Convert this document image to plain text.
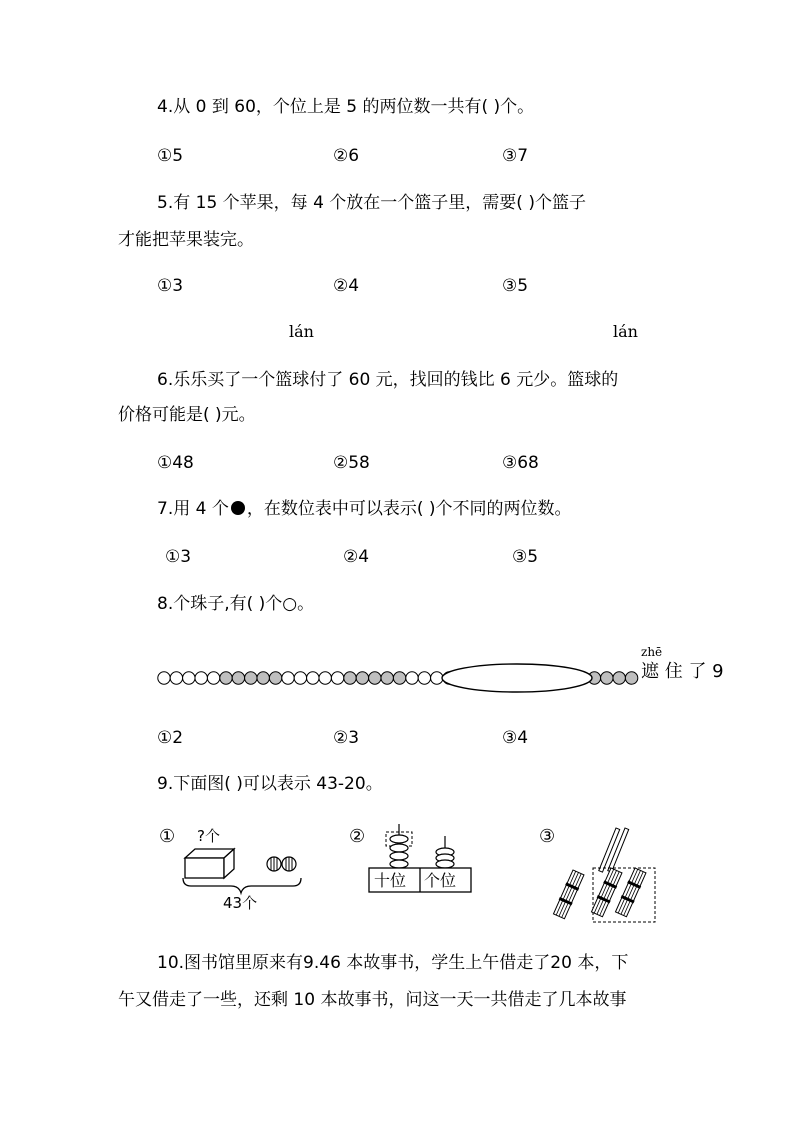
4.从 0 到 60，个位上是 5 的两位数一共有( )个。
①5	②6	③7
5.有 15 个苹果，每 4 个放在一个篮子里，需要( )个篮子
才能把苹果装完。
①3	②4	③5
lán	lán
6.乐乐买了一个篮球付了 60 元，找回的钱比 6 元少。篮球的
价格可能是( )元。
①48	②58	③68
7.用 4 个 ，在数位表中可以表示( )个不同的两位数。
①3	②4	③5
8.个珠子,有( )个○。
zhē
遮 住 了 9
①2	②3	③4
9.下面图( )可以表示 43-20。
① ?个
43个
②
十位 个位
③
10.图书馆里原来有9.46 本故事书，学生上午借走了20 本，下
午又借走了一些，还剩 10 本故事书，问这一天一共借走了几本故事
